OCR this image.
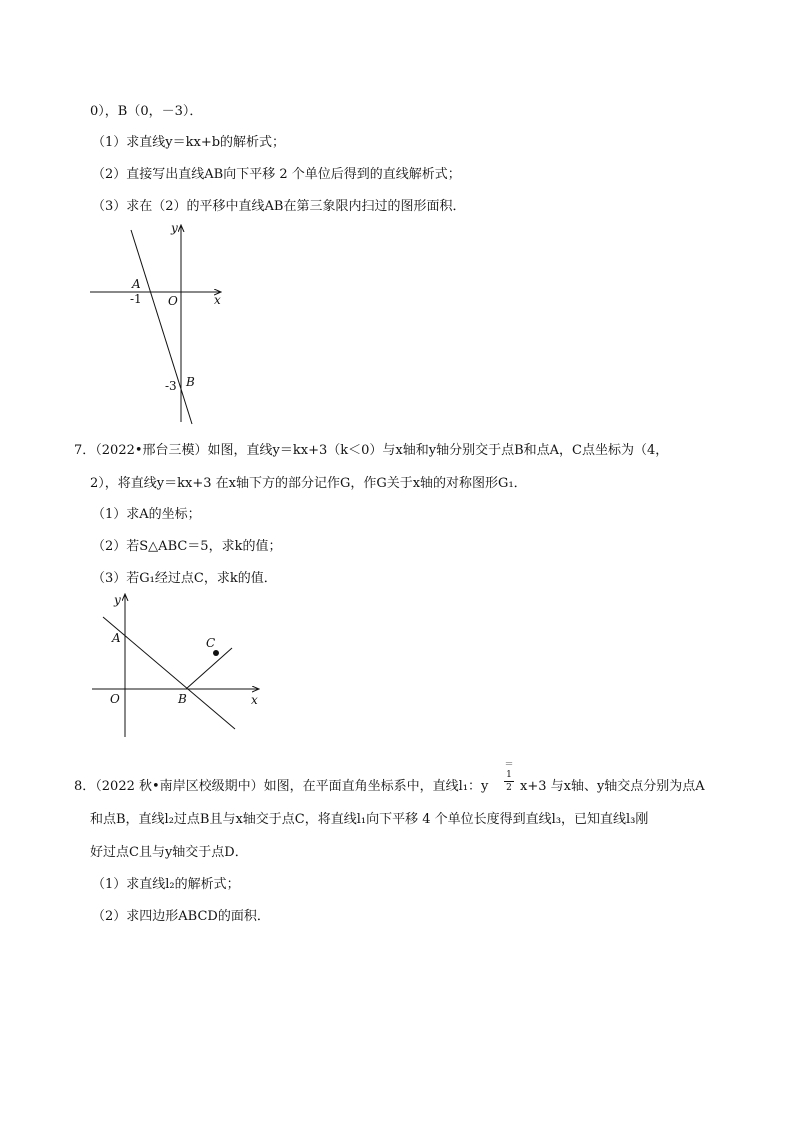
0），B（0，－3）．
（1）求直线y＝kx+b的解析式；
（2）直接写出直线AB向下平移 2 个单位后得到的直线解析式；
（3）求在（2）的平移中直线AB在第三象限内扫过的图形面积．
y
x
A
-1 O
-3 B
y
A	C
O	B	x
7．（2022•邢台三模）如图，直线y＝kx+3（k＜0）与x轴和y轴分别交于点B和点A，C点坐标为（4，
2），将直线y＝kx+3 在x轴下方的部分记作G，作G关于x轴的对称图形G₁．
（1）求A的坐标；
（2）若S△ABC＝5，求k的值；
（3）若G₁经过点C，求k的值．
8．（2022 秋•南岸区校级期中）如图，在平面直角坐标系中，直线l₁：y
＝
1
2 x+3 与x轴、y轴交点分别为点A
和点B，直线l₂过点B且与x轴交于点C，将直线l₁向下平移 4 个单位长度得到直线l₃，已知直线l₃刚
好过点C且与y轴交于点D．
（1）求直线l₂的解析式；
（2）求四边形ABCD的面积．
